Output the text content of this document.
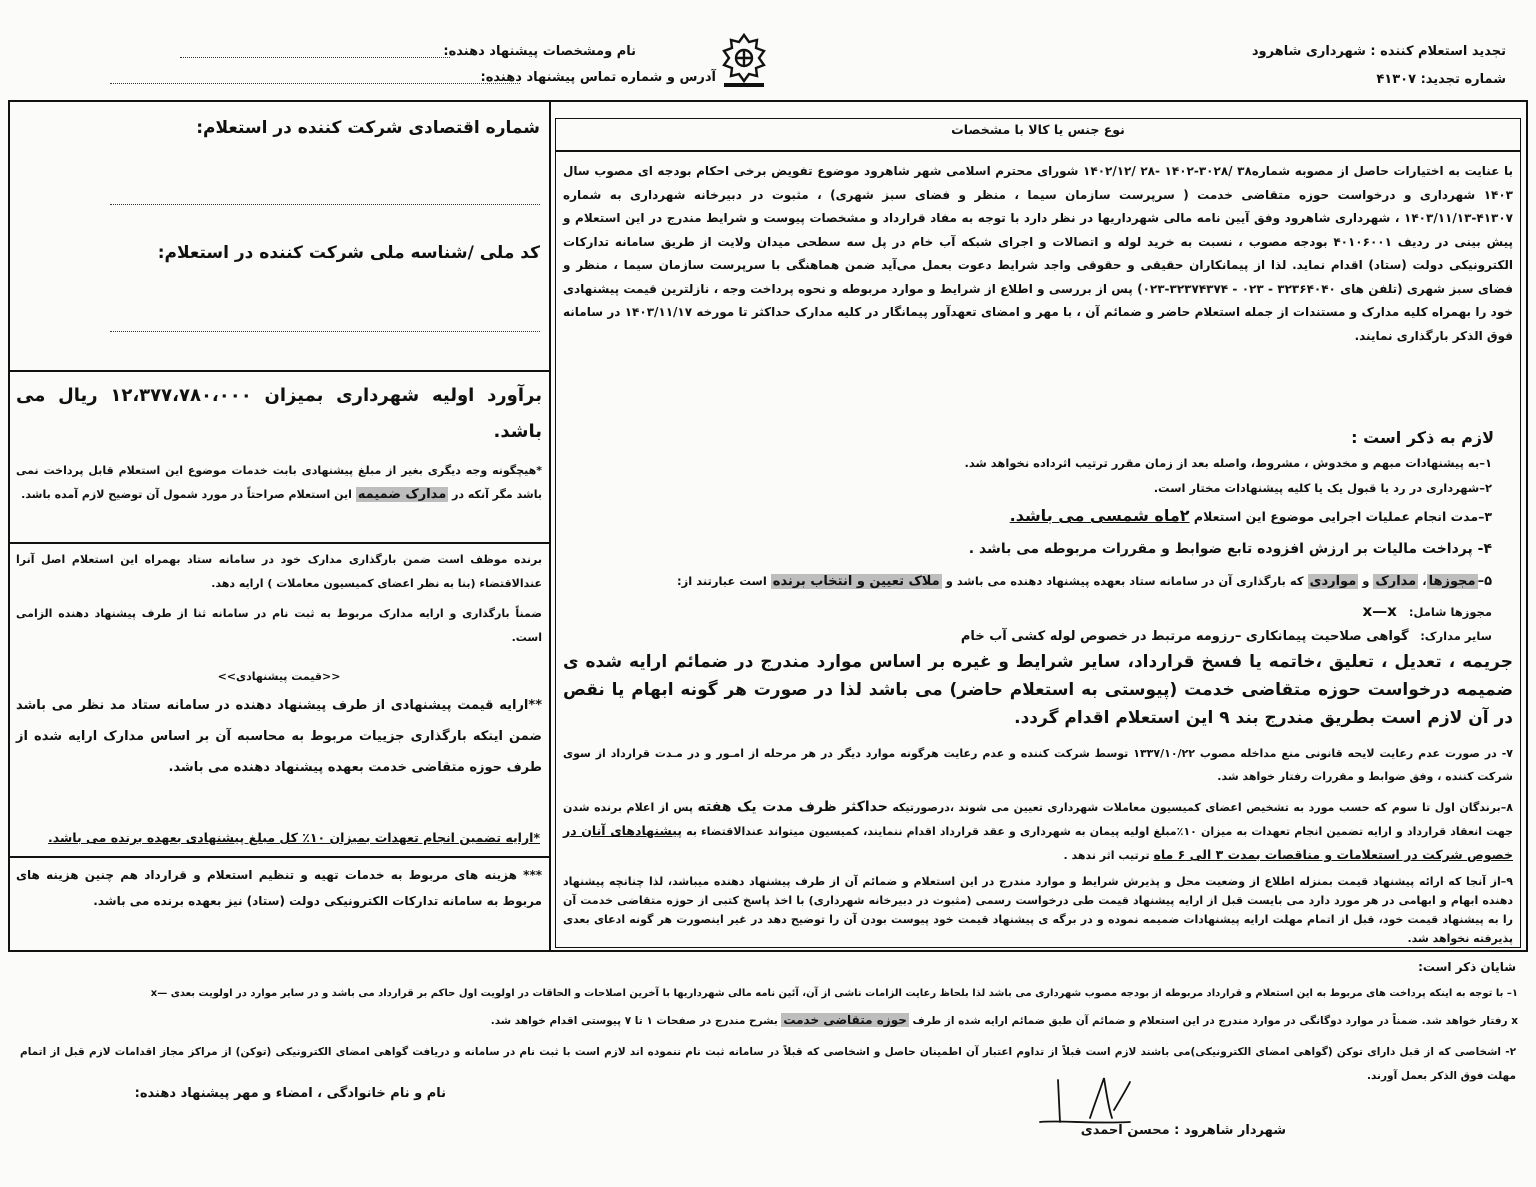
تجدید استعلام کننده : شهرداری شاهرود
شماره تجدید: ۴۱۳۰۷
نام ومشخصات پیشنهاد دهنده:
آدرس و شماره تماس پیشنهاد دهنده:
نوع جنس یا کالا با مشخصات

با عنایت به اختیارات حاصل از مصوبه شماره۳۸ /۳۰۲۸-۱۴۰۲ -۲۸ /۱۴۰۲/۱۲ شورای محترم اسلامی شهر شاهرود موضوع تفویض برخی احکام بودجه ای مصوب سال ۱۴۰۳ شهرداری و درخواست حوزه متقاضی خدمت ( سرپرست سازمان سیما ، منظر و فضای سبز شهری) ، مثبوت در دبیرخانه شهرداری به شماره ۴۱۳۰۷-۱۴۰۳/۱۱/۱۳ ، شهرداری شاهرود وفق آیین نامه مالی شهرداریها در نظر دارد با توجه به مفاد قرارداد و مشخصات پیوست و شرایط مندرج در این استعلام و پیش بینی در ردیف ۴۰۱۰۶۰۰۱ بودجه مصوب ، نسبت به خرید لوله و اتصالات و اجرای شبکه آب خام در پل سه سطحی میدان ولایت از طریق سامانه تدارکات الکترونیکی دولت (ستاد) اقدام نماید. لذا از پیمانکاران حقیقی و حقوقی واجد شرایط دعوت بعمل می‌آید ضمن هماهنگی با سرپرست سازمان سیما ، منظر و فضای سبز شهری (تلفن های ۳۲۳۶۴۰۴۰ - ۰۲۳ - ۳۲۳۷۴۳۷۴-۰۲۳) پس از بررسی و اطلاع از شرایط و موارد مربوطه و نحوه پرداخت وجه ، نازلترین قیمت پیشنهادی خود را بهمراه کلیه مدارک و مستندات از جمله استعلام حاضر و ضمائم آن ، با مهر و امضای تعهدآور پیمانگار در کلیه مدارک حداکثر تا مورخه ۱۴۰۳/۱۱/۱۷ در سامانه فوق الذکر بارگذاری نمایند.

لازم به ذکر است :
۱–به پیشنهادات مبهم و مخدوش ، مشروط، واصله بعد از زمان مقرر ترتیب اثرداده نخواهد شد.
۲–شهرداری در رد یا قبول یک یا کلیه پیشنهادات مختار است.
۳–مدت انجام عملیات اجرایی موضوع این استعلام ۲ماه شمسی می باشد.
۴- پرداخت مالیات بر ارزش افزوده تابع ضوابط و مقررات مربوطه می باشد .
۵–مجوزها، مدارک و مواردی که بارگذاری آن در سامانه ستاد بعهده پیشنهاد دهنده می باشد و ملاک تعیین و انتخاب برنده است عبارتند از:
مجوزها شامل: x—x
سایر مدارک: گواهی صلاحیت پیمانکاری –رزومه مرتبط در خصوص لوله کشی آب خام

جریمه ، تعدیل ، تعلیق ،خاتمه یا فسخ قرارداد، سایر شرایط و غیره بر اساس موارد مندرج در ضمائم ارایه شده ی ضمیمه درخواست حوزه متقاضی خدمت (پیوستی به استعلام حاضر) می باشد لذا در صورت هر گونه ابهام یا نقص در آن لازم است بطریق مندرج بند ۹ این استعلام اقدام گردد.

۷- در صورت عدم رعایت لایحه قانونی منع مداخله مصوب ۱۳۳۷/۱۰/۲۲ توسط شرکت کننده و عدم رعایت هرگونه موارد دیگر در هر مرحله از امـور و در مـدت قرارداد از سوی شرکت کننده ، وفق ضوابط و مقررات رفتار خواهد شد.

۸–برندگان اول تا سوم که حسب مورد به تشخیص اعضای کمیسیون معاملات شهرداری تعیین می شوند ،درصورتیکه حداکثر ظرف مدت یک هفته پس از اعلام برنده شدن جهت انعقاد قرارداد و ارایه تضمین انجام تعهدات به میزان ۱۰٪مبلغ اولیه پیمان به شهرداری و عقد قرارداد اقدام ننمایند، کمیسیون میتواند عندالاقتضاء به پیشنهادهای آنان در خصوص شرکت در استعلامات و مناقصات بمدت ۳ الی ۶ ماه ترتیب اثر ندهد .

۹–از آنجا که ارائه پیشنهاد قیمت بمنزله اطلاع از وضعیت محل و پذیرش شرایط و موارد مندرج در این استعلام و ضمائم آن از طرف پیشنهاد دهنده میباشد، لذا چنانچه پیشنهاد دهنده ابهام و ابهامی در هر مورد دارد می بایست قبل از ارایه پیشنهاد قیمت طی درخواست رسمی (مثبوت در دبیرخانه شهرداری) با اخذ پاسخ کتبی از حوزه متقاضی خدمت آن را به پیشنهاد قیمت خود، قبل از اتمام مهلت ارایه پیشنهادات ضمیمه نموده و در برگه ی پیشنهاد قیمت خود پیوست بودن آن را توضیح دهد در غیر اینصورت هر گونه ادعای بعدی پذیرفته نخواهد شد.

شماره اقتصادی شرکت کننده در استعلام:
کد ملی /شناسه ملی شرکت کننده در استعلام:

برآورد اولیه شهرداری بمیزان ۱۲،۳۷۷،۷۸۰،۰۰۰ ریال می باشد.

*هیچگونه وجه دیگری بغیر از مبلغ پیشنهادی بابت خدمات موضوع این استعلام قابل پرداخت نمی باشد مگر آنکه در مدارک ضمیمه این استعلام صراحتاً در مورد شمول آن توضیح لازم آمده باشد.

برنده موظف است ضمن بارگذاری مدارک خود در سامانه ستاد بهمراه این استعلام اصل آنرا عندالاقتضاء (بنا به نظر اعضای کمیسیون معاملات ) ارایه دهد.

ضمناً بارگذاری و ارایه مدارک مربوط به ثبت نام در سامانه ثنا از طرف پیشنهاد دهنده الزامی است.

<<قیمت پیشنهادی>>

**ارایه قیمت پیشنهادی از طرف پیشنهاد دهنده در سامانه ستاد مد نظر می باشد ضمن اینکه بارگذاری جزییات مربوط به محاسبه آن بر اساس مدارک ارایه شده از طرف حوزه متقاضی خدمت بعهده پیشنهاد دهنده می باشد.

*ارایه تضمین انجام تعهدات بمیزان ۱۰٪ کل مبلغ پیشنهادی بعهده برنده می باشد.

*** هزینه های مربوط به خدمات تهیه و تنظیم استعلام و قرارداد هم چنین هزینه های مربوط به سامانه تدارکات الکترونیکی دولت (ستاد) نیز بعهده برنده می باشد.

شایان ذکر است:
۱– با توجه به اینکه پرداخت های مربوط به این استعلام و قرارداد مربوطه از بودجه مصوب شهرداری می باشد لذا بلحاظ رعایت الزامات ناشی از آن، آئین نامه مالی شهرداریها با آخرین اصلاحات و الحاقات در اولویت اول حاکم بر قرارداد می باشد و در سایر موارد در اولویت بعدی —x
x رفتار خواهد شد. ضمناً در موارد دوگانگی در موارد مندرج در این استعلام و ضمائم آن طبق ضمائم ارایه شده از طرف حوزه متقاضی خدمت بشرح مندرج در صفحات ۱ تا ۷ پیوستی اقدام خواهد شد.

۲- اشخاصی که از قبل دارای توکن (گواهی امضای الکترونیکی)می باشند لازم است قبلاً از تداوم اعتبار آن اطمینان حاصل و اشخاصی که قبلاً در سامانه ثبت نام ننموده اند لازم است با ثبت نام در سامانه و دریافت گواهی امضای الکترونیکی (توکن) از مراکز مجاز اقدامات لازم قبل از اتمام مهلت فوق الذکر بعمل آورند.

نام و نام خانوادگی ، امضاء و مهر پیشنهاد دهنده:
شهردار شاهرود : محسن احمدی
